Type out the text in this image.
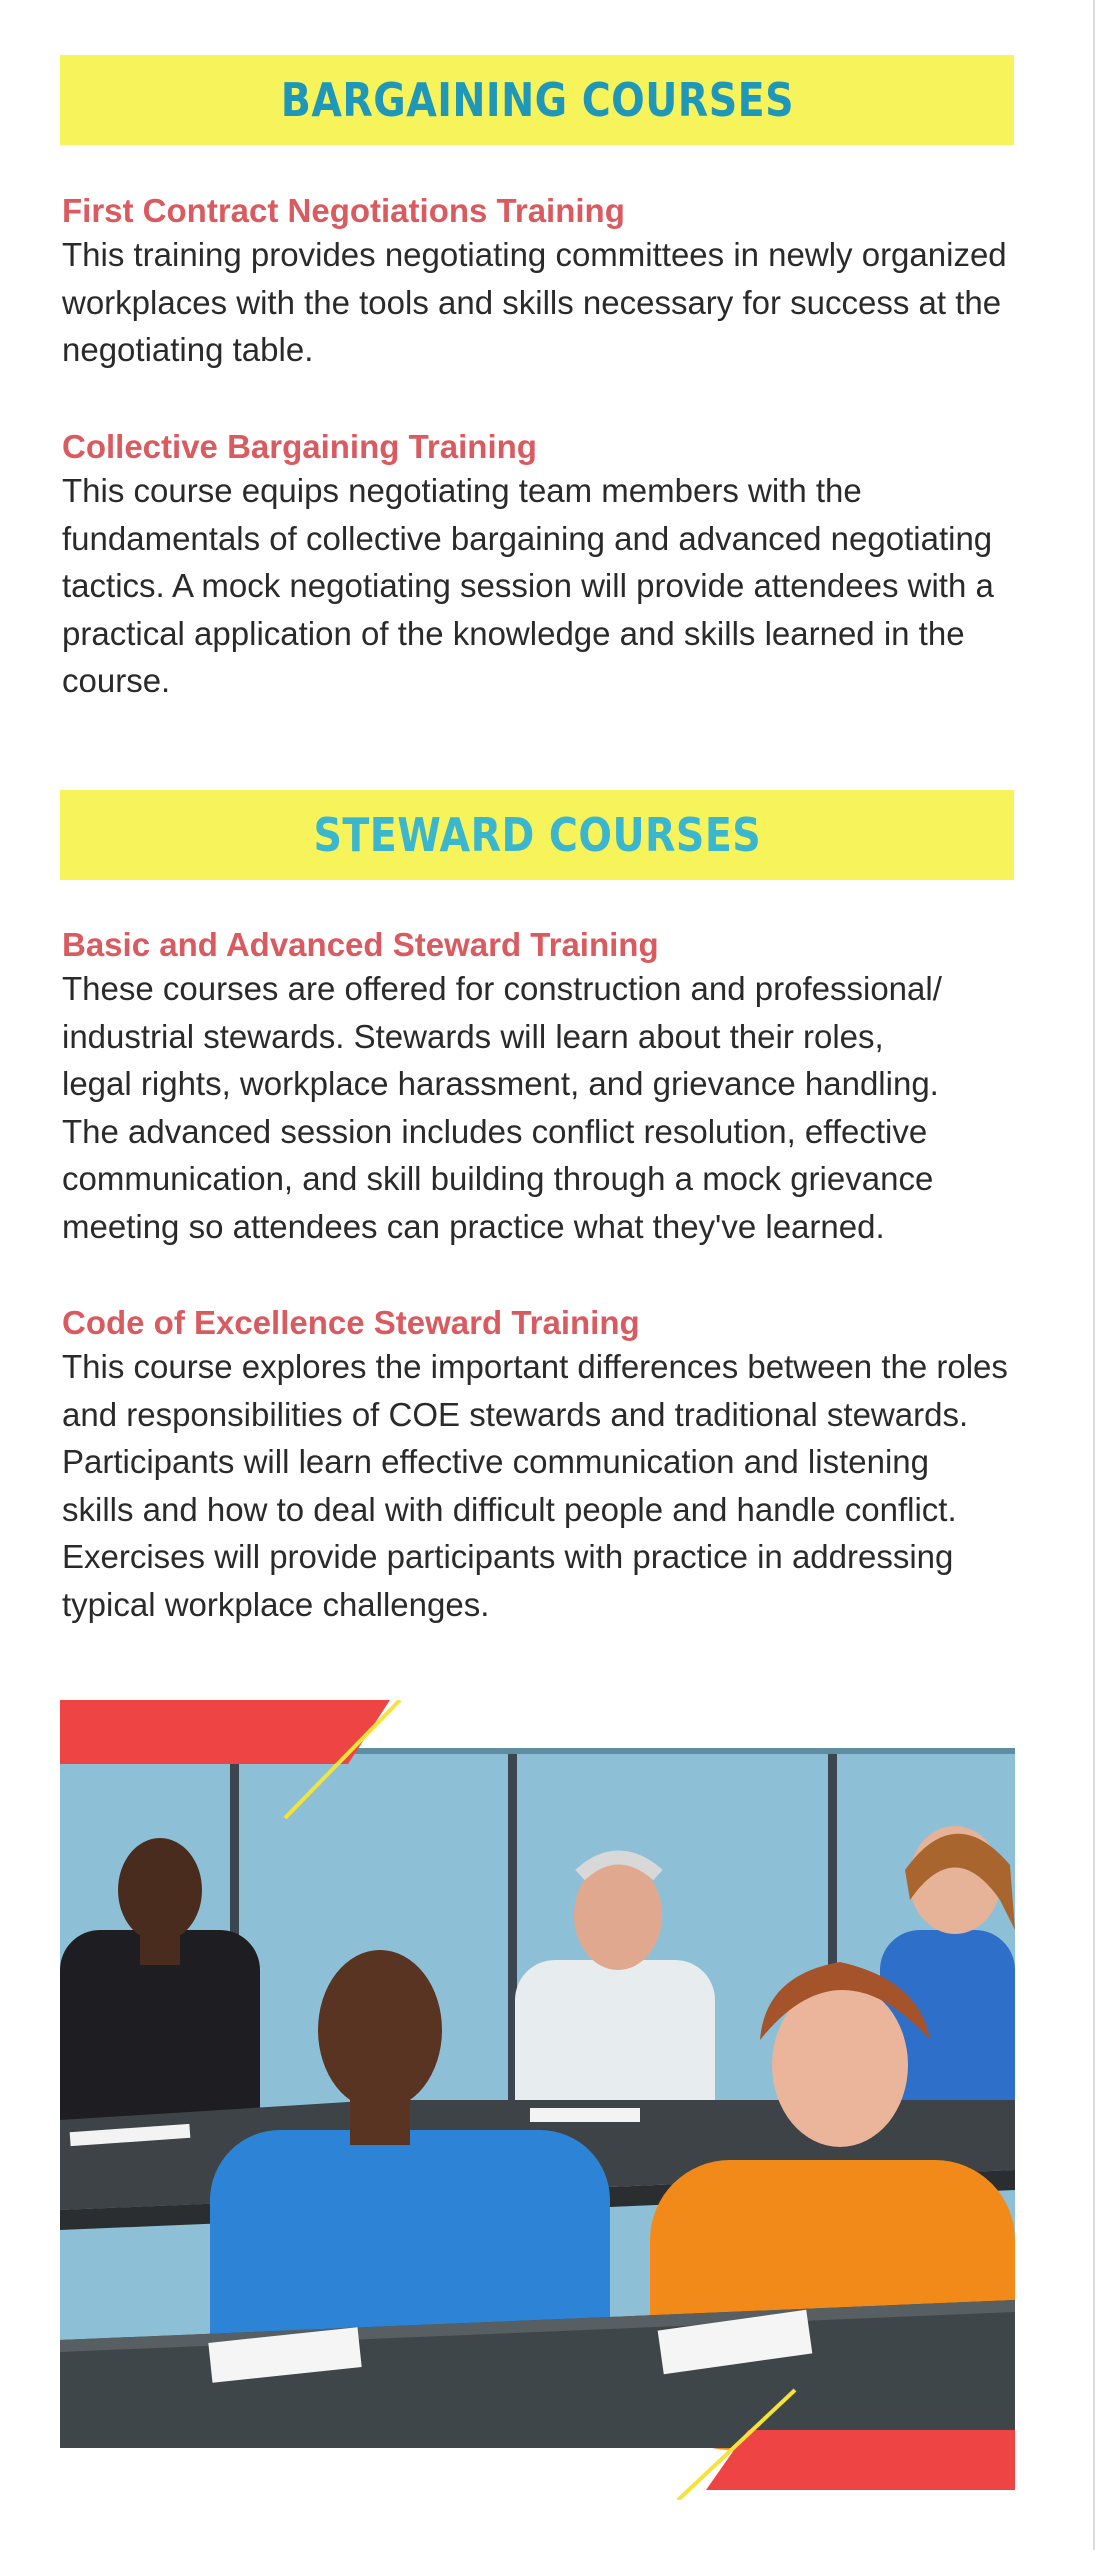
BARGAINING COURSES
First Contract Negotiations Training
This training provides negotiating committees in newly organized
workplaces with the tools and skills necessary for success at the
negotiating table.
Collective Bargaining Training
This course equips negotiating team members with the
fundamentals of collective bargaining and advanced negotiating
tactics. A mock negotiating session will provide attendees with a
practical application of the knowledge and skills learned in the
course.
STEWARD COURSES
Basic and Advanced Steward Training
These courses are offered for construction and professional/
industrial stewards. Stewards will learn about their roles,
legal rights, workplace harassment, and grievance handling.
The advanced session includes conflict resolution, effective
communication, and skill building through a mock grievance
meeting so attendees can practice what they've learned.
Code of Excellence Steward Training
This course explores the important differences between the roles
and responsibilities of COE stewards and traditional stewards.
Participants will learn effective communication and listening
skills and how to deal with difficult people and handle conflict.
Exercises will provide participants with practice in addressing
typical workplace challenges.
